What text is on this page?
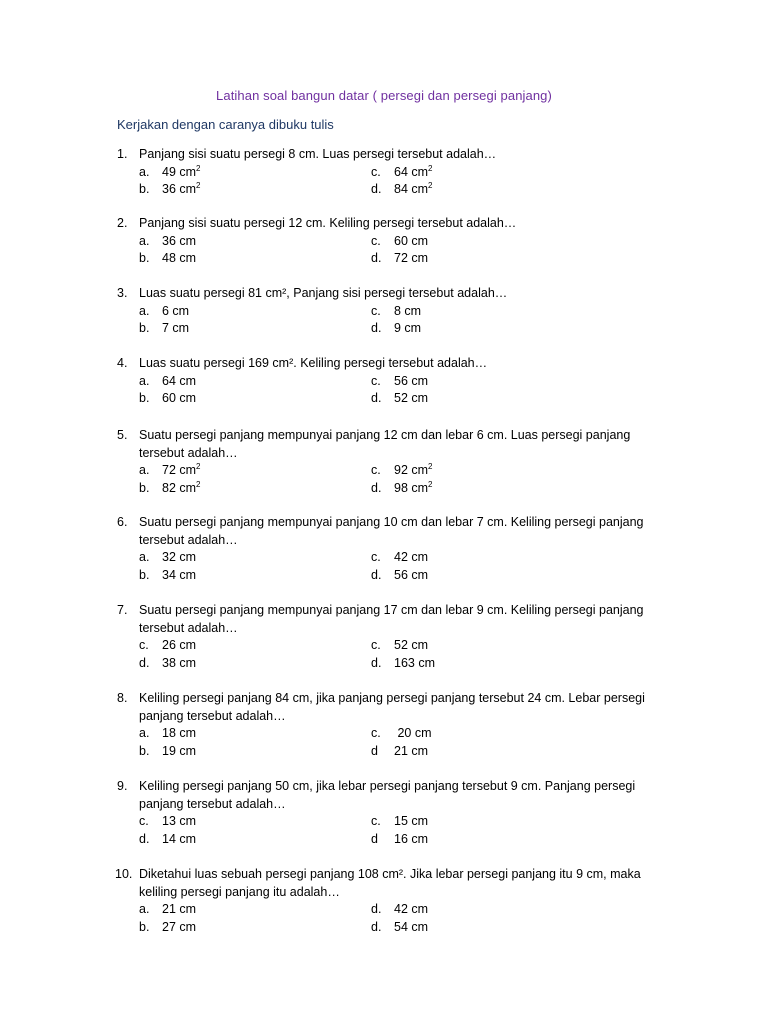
Latihan soal bangun datar ( persegi dan persegi panjang)
Kerjakan dengan caranya dibuku tulis
1. Panjang sisi suatu persegi 8 cm. Luas persegi tersebut adalah…
a. 49 $cm^2$	c. 64 $cm^2$
b. 36 $cm^2$	d. 84 $cm^2$
2. Panjang sisi suatu persegi 12 cm. Keliling persegi tersebut adalah…
a. 36 cm	c. 60 cm
b. 48 cm	d. 72 cm
3. Luas suatu persegi 81 cm², Panjang sisi persegi tersebut adalah…
a. 6 cm	c. 8 cm
b. 7 cm	d. 9 cm
4. Luas suatu persegi 169 cm². Keliling persegi tersebut adalah…
a. 64 cm	c. 56 cm
b. 60 cm	d. 52 cm
5. Suatu persegi panjang mempunyai panjang 12 cm dan lebar 6 cm. Luas persegi panjang
tersebut adalah…
a. 72 $cm^2$	c. 92 $cm^2$
b. 82 $cm^2$	d. 98 $cm^2$
6. Suatu persegi panjang mempunyai panjang 10 cm dan lebar 7 cm. Keliling persegi panjang
tersebut adalah…
a. 32 cm	c. 42 cm
b. 34 cm	d. 56 cm
7. Suatu persegi panjang mempunyai panjang 17 cm dan lebar 9 cm. Keliling persegi panjang
tersebut adalah…
c. 26 cm	c. 52 cm
d. 38 cm	d. 163 cm
8. Keliling persegi panjang 84 cm, jika panjang persegi panjang tersebut 24 cm. Lebar persegi
panjang tersebut adalah…
a. 18 cm	c. 20 cm
b. 19 cm	d 21 cm
9. Keliling persegi panjang 50 cm, jika lebar persegi panjang tersebut 9 cm. Panjang persegi
panjang tersebut adalah…
c. 13 cm	c. 15 cm
d. 14 cm	d 16 cm
10. Diketahui luas sebuah persegi panjang 108 cm². Jika lebar persegi panjang itu 9 cm, maka
keliling persegi panjang itu adalah…
a. 21 cm	d. 42 cm
b. 27 cm	d. 54 cm
